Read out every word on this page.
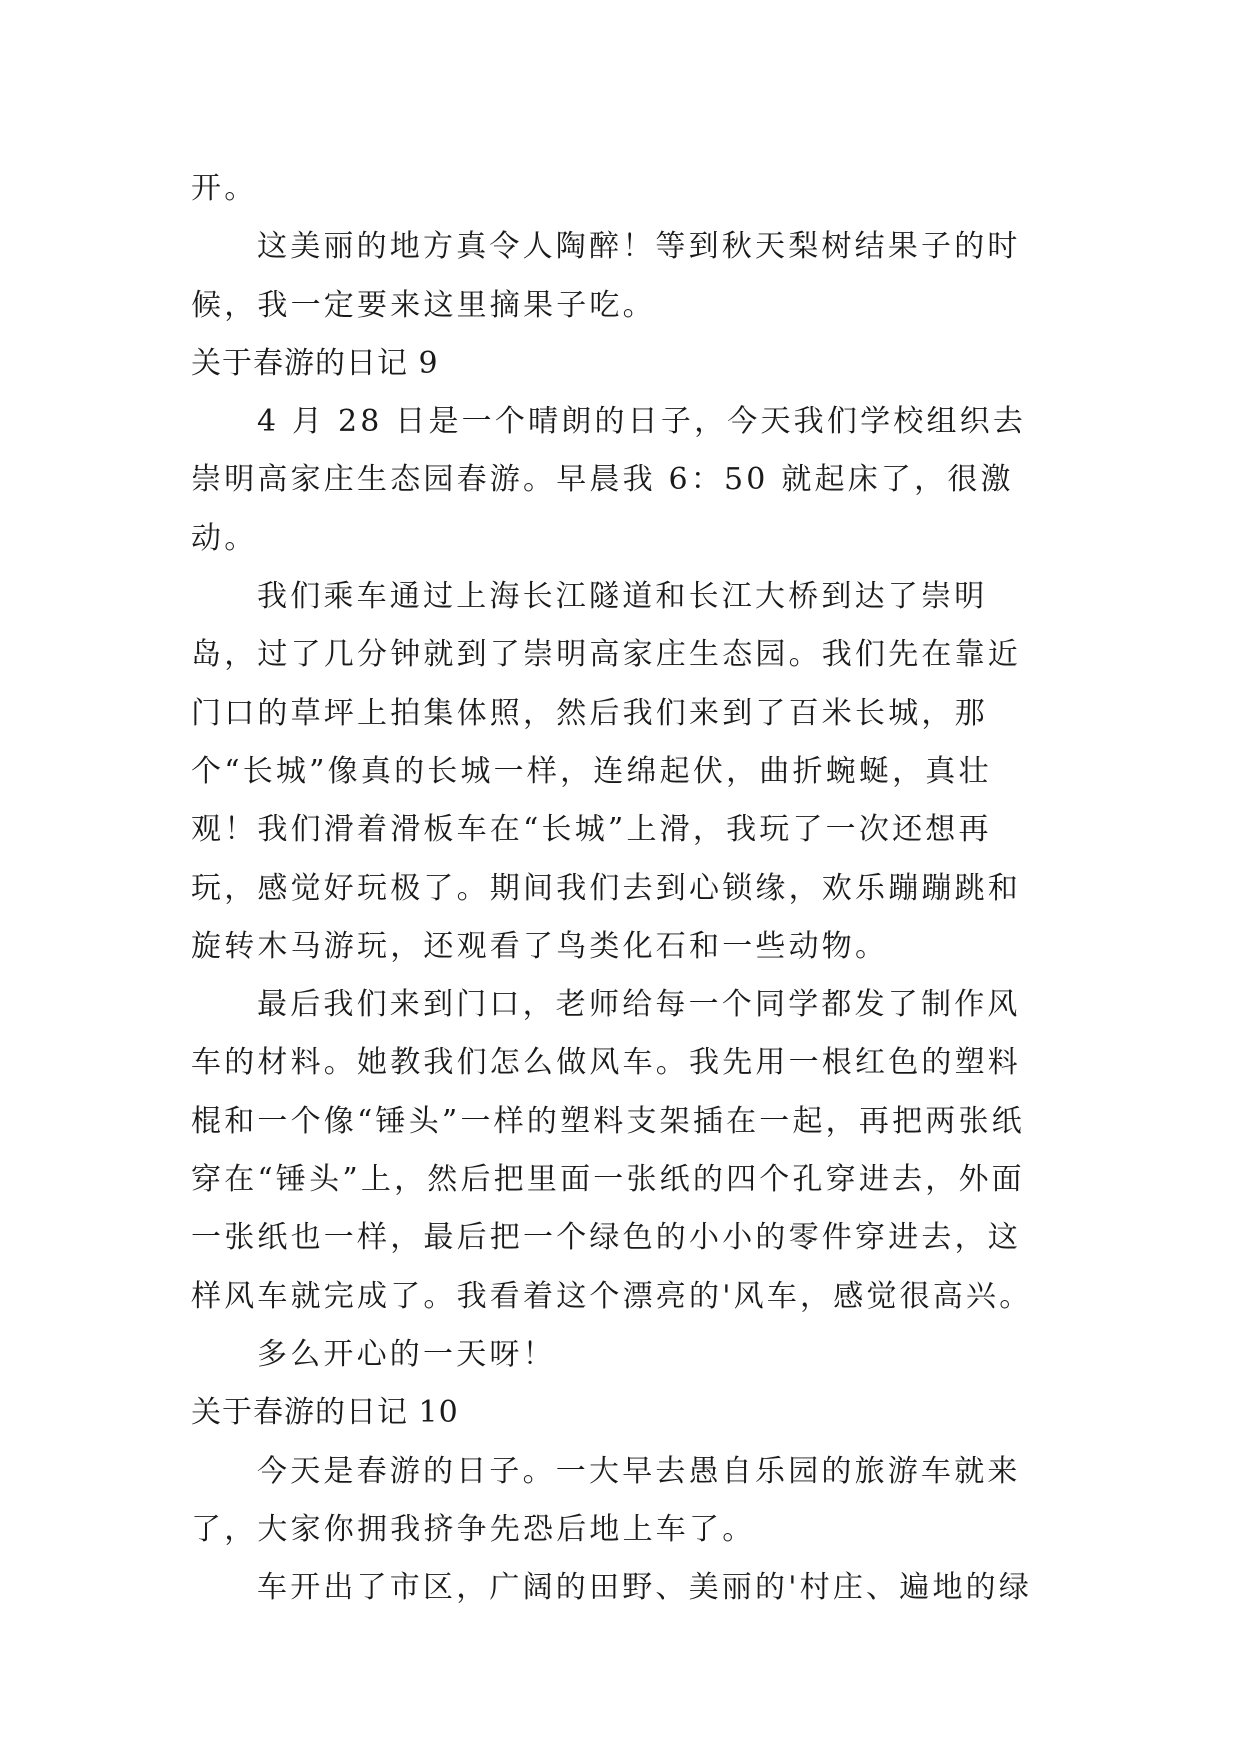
开。

这美丽的地方真令人陶醉！等到秋天梨树结果子的时候，我一定要来这里摘果子吃。

关于春游的日记 9

4 月 28 日是一个晴朗的日子，今天我们学校组织去崇明高家庄生态园春游。早晨我 6：50 就起床了，很激动。

我们乘车通过上海长江隧道和长江大桥到达了崇明岛，过了几分钟就到了崇明高家庄生态园。我们先在靠近门口的草坪上拍集体照，然后我们来到了百米长城，那个“长城”像真的长城一样，连绵起伏，曲折蜿蜒，真壮观！我们滑着滑板车在“长城”上滑，我玩了一次还想再玩，感觉好玩极了。期间我们去到心锁缘，欢乐蹦蹦跳和旋转木马游玩，还观看了鸟类化石和一些动物。

最后我们来到门口，老师给每一个同学都发了制作风车的材料。她教我们怎么做风车。我先用一根红色的塑料棍和一个像“锤头”一样的塑料支架插在一起，再把两张纸穿在“锤头”上，然后把里面一张纸的四个孔穿进去，外面一张纸也一样，最后把一个绿色的小小的零件穿进去，这样风车就完成了。我看着这个漂亮的'风车，感觉很高兴。

多么开心的一天呀！

关于春游的日记 10

今天是春游的日子。一大早去愚自乐园的旅游车就来了，大家你拥我挤争先恐后地上车了。

车开出了市区，广阔的田野、美丽的'村庄、遍地的绿
